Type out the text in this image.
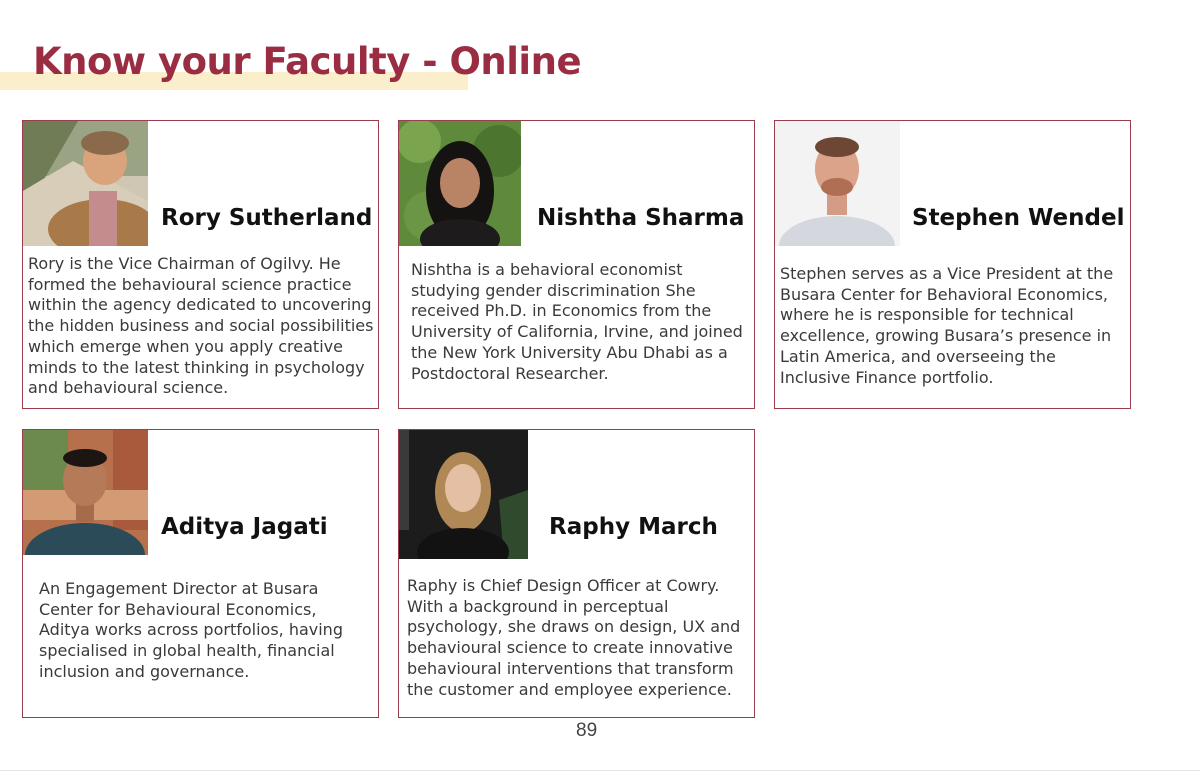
Know your Faculty - Online
Rory Sutherland

Rory is the Vice Chairman of Ogilvy. He formed the behavioural science practice within the agency dedicated to uncovering the hidden business and social possibilities which emerge when you apply creative minds to the latest thinking in psychology and behavioural science.

Nishtha Sharma

Nishtha is a behavioral economist studying gender discrimination She received Ph.D. in Economics from the University of California, Irvine, and joined the New York University Abu Dhabi as a Postdoctoral Researcher.

Stephen Wendel

Stephen serves as a Vice President at the Busara Center for Behavioral Economics, where he is responsible for technical excellence, growing Busara’s presence in Latin America, and overseeing the Inclusive Finance portfolio.

Aditya Jagati

An Engagement Director at Busara Center for Behavioural Economics, Aditya works across portfolios, having specialised in global health, financial inclusion and governance.

Raphy March

Raphy is Chief Design Officer at Cowry. With a background in perceptual psychology, she draws on design, UX and behavioural science to create innovative behavioural interventions that transform the customer and employee experience.

89
